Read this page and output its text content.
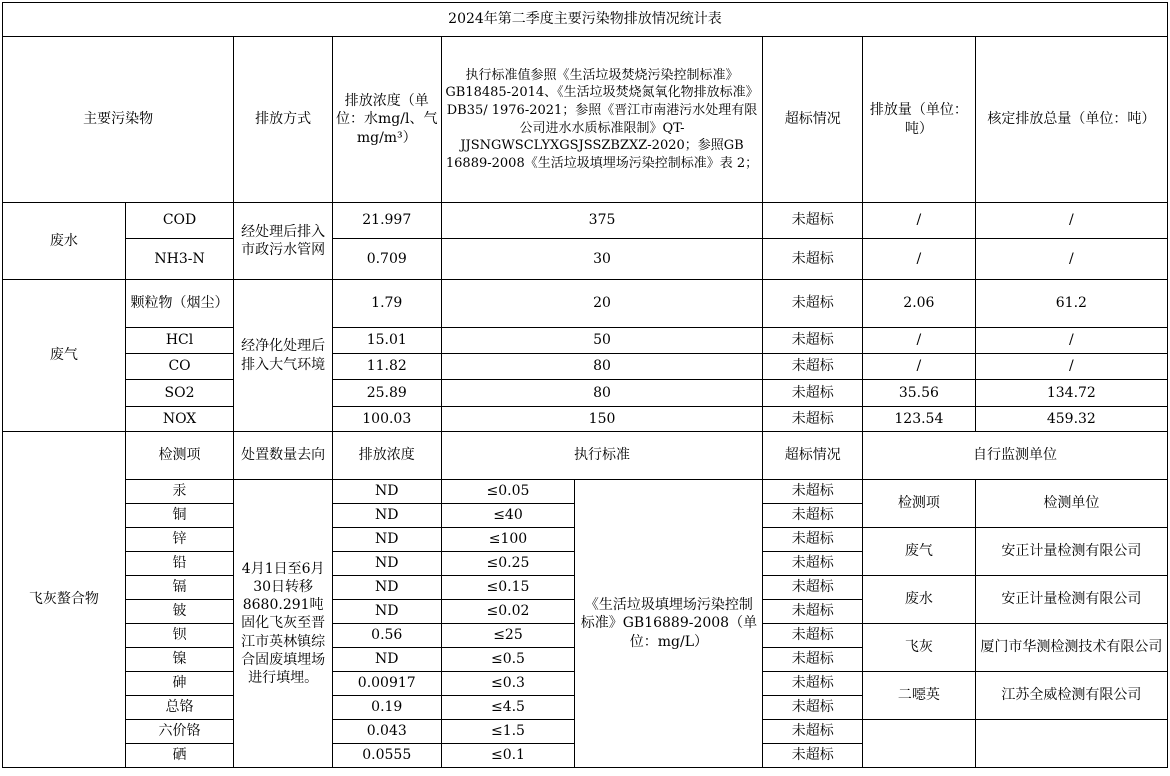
2024年第二季度主要污染物排放情况统计表								
主要污染物		排放方式	排放浓度（单位：水mg/l、气mg/m³）	执行标准值参照《生活垃圾焚烧污染控制标准》GB18485-2014、《生活垃圾焚烧氮氧化物排放标准》DB35/ 1976-2021；参照《晋江市南港污水处理有限公司进水水质标准限制》QT-JJSNGWSCLYXGSJSSZBZXZ-2020；参照GB 16889-2008《生活垃圾填埋场污染控制标准》表 2；		超标情况	排放量（单位：吨）	核定排放总量（单位：吨）
废水	COD	经处理后排入市政污水管网	21.997	375		未超标	/	/
	NH3-N		0.709	30		未超标	/	/
废气	颗粒物（烟尘）	经净化处理后排入大气环境	1.79	20		未超标	2.06	61.2
	HCl		15.01	50		未超标	/	/
	CO		11.82	80		未超标	/	/
	SO2		25.89	80		未超标	35.56	134.72
	NOX		100.03	150		未超标	123.54	459.32
飞灰螯合物	检测项	处置数量去向	排放浓度	执行标准		超标情况	自行监测单位	
	汞	4月1日至6月30日转移8680.291吨固化飞灰至晋江市英林镇综合固废填埋场进行填埋。	ND	≤0.05	《生活垃圾填埋场污染控制标准》GB16889-2008（单位：mg/L）	未超标	检测项	检测单位
	铜		ND	≤40		未超标		
	锌		ND	≤100		未超标	废气	安正计量检测有限公司
	铅		ND	≤0.25		未超标		
	镉		ND	≤0.15		未超标	废水	安正计量检测有限公司
	铍		ND	≤0.02		未超标		
	钡		0.56	≤25		未超标	飞灰	厦门市华测检测技术有限公司
	镍		ND	≤0.5		未超标		
	砷		0.00917	≤0.3		未超标	二噁英	江苏全威检测有限公司
	总铬		0.19	≤4.5		未超标		
	六价铬		0.043	≤1.5		未超标		
	硒		0.0555	≤0.1		未超标		
